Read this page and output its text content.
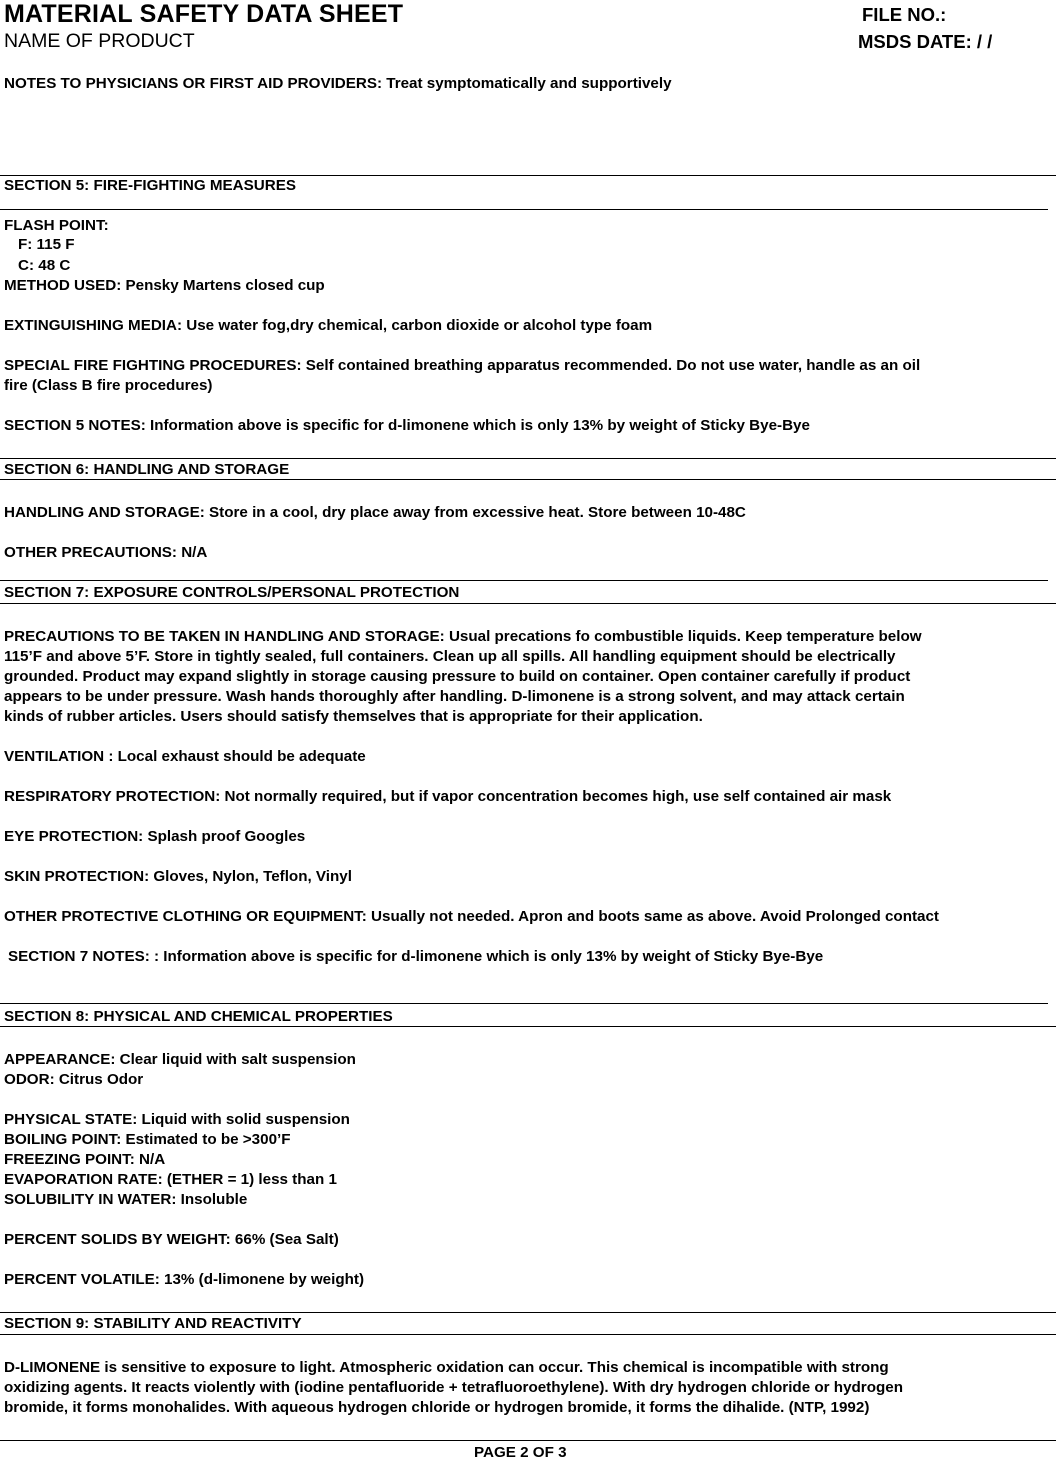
MATERIAL SAFETY DATA SHEET	FILE NO.:
NAME OF PRODUCT	MSDS DATE: / /
NOTES TO PHYSICIANS OR FIRST AID PROVIDERS: Treat symptomatically and supportively
SECTION 5: FIRE-FIGHTING MEASURES
FLASH POINT:
F: 115 F
C: 48 C
METHOD USED: Pensky Martens closed cup
EXTINGUISHING MEDIA: Use water fog,dry chemical, carbon dioxide or alcohol type foam
SPECIAL FIRE FIGHTING PROCEDURES: Self contained breathing apparatus recommended. Do not use water, handle as an oil
fire (Class B fire procedures)
SECTION 5 NOTES: Information above is specific for d-limonene which is only 13% by weight of Sticky Bye-Bye
SECTION 6: HANDLING AND STORAGE
HANDLING AND STORAGE: Store in a cool, dry place away from excessive heat. Store between 10-48C
OTHER PRECAUTIONS: N/A
SECTION 7: EXPOSURE CONTROLS/PERSONAL PROTECTION
PRECAUTIONS TO BE TAKEN IN HANDLING AND STORAGE: Usual precations fo combustible liquids. Keep temperature below
115’F and above 5’F. Store in tightly sealed, full containers. Clean up all spills. All handling equipment should be electrically
grounded. Product may expand slightly in storage causing pressure to build on container. Open container carefully if product
appears to be under pressure. Wash hands thoroughly after handling. D-limonene is a strong solvent, and may attack certain
kinds of rubber articles. Users should satisfy themselves that is appropriate for their application.
VENTILATION : Local exhaust should be adequate
RESPIRATORY PROTECTION: Not normally required, but if vapor concentration becomes high, use self contained air mask
EYE PROTECTION: Splash proof Googles
SKIN PROTECTION: Gloves, Nylon, Teflon, Vinyl
OTHER PROTECTIVE CLOTHING OR EQUIPMENT: Usually not needed. Apron and boots same as above. Avoid Prolonged contact
SECTION 7 NOTES: : Information above is specific for d-limonene which is only 13% by weight of Sticky Bye-Bye
SECTION 8: PHYSICAL AND CHEMICAL PROPERTIES
APPEARANCE: Clear liquid with salt suspension
ODOR: Citrus Odor
PHYSICAL STATE: Liquid with solid suspension
BOILING POINT: Estimated to be >300’F
FREEZING POINT: N/A
EVAPORATION RATE: (ETHER = 1) less than 1
SOLUBILITY IN WATER: Insoluble
PERCENT SOLIDS BY WEIGHT: 66% (Sea Salt)
PERCENT VOLATILE: 13% (d-limonene by weight)
SECTION 9: STABILITY AND REACTIVITY
D-LIMONENE is sensitive to exposure to light. Atmospheric oxidation can occur. This chemical is incompatible with strong
oxidizing agents. It reacts violently with (iodine pentafluoride + tetrafluoroethylene). With dry hydrogen chloride or hydrogen
bromide, it forms monohalides. With aqueous hydrogen chloride or hydrogen bromide, it forms the dihalide. (NTP, 1992)
PAGE 2 OF 3
